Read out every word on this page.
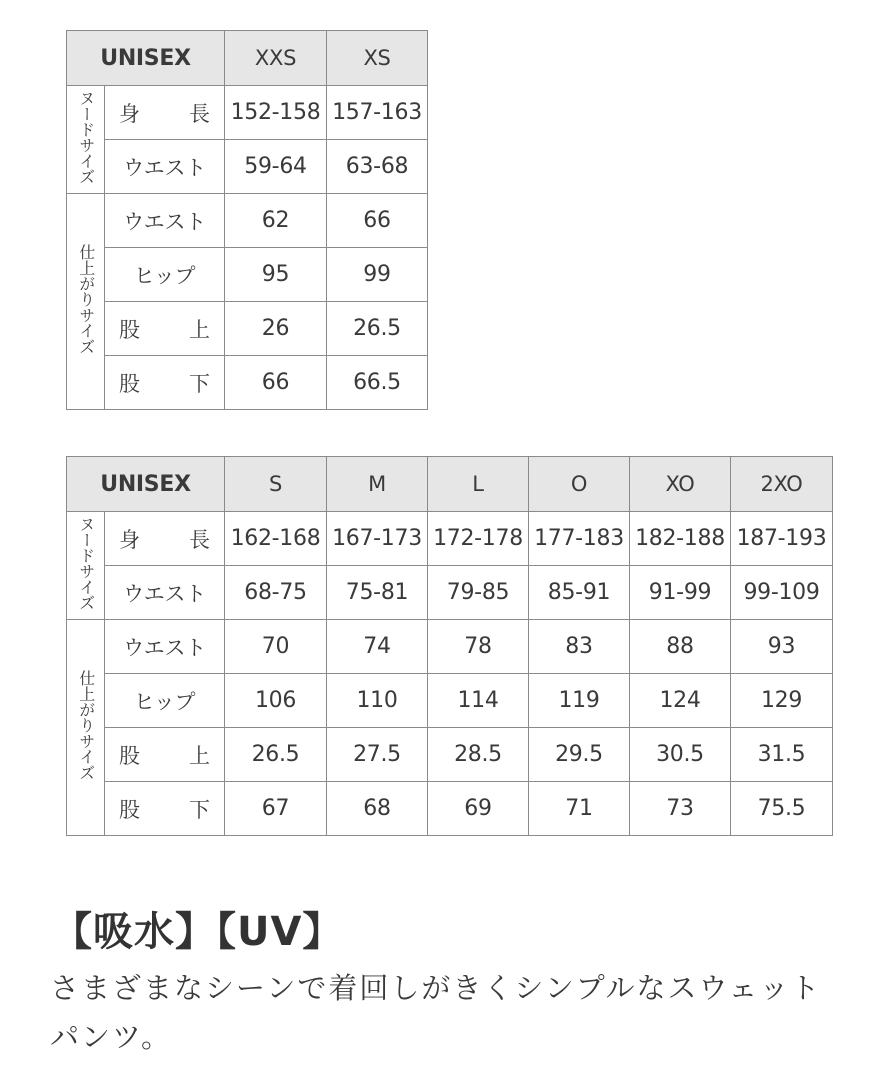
UNISEX		XXS	XS
ヌードサイズ	身　長	152-158	157-163
	ウエスト	59-64	63-68
仕上がりサイズ	ウエスト	62	66
	ヒップ	95	99
	股　上	26	26.5
	股　下	66	66.5
UNISEX		S	M	L	O	XO	2XO
ヌードサイズ	身　長	162-168	167-173	172-178	177-183	182-188	187-193
	ウエスト	68-75	75-81	79-85	85-91	91-99	99-109
仕上がりサイズ	ウエスト	70	74	78	83	88	93
	ヒップ	106	110	114	119	124	129
	股　上	26.5	27.5	28.5	29.5	30.5	31.5
	股　下	67	68	69	71	73	75.5
【吸水】【UV】
さまざまなシーンで着回しがきくシンプルなスウェットパンツ。
